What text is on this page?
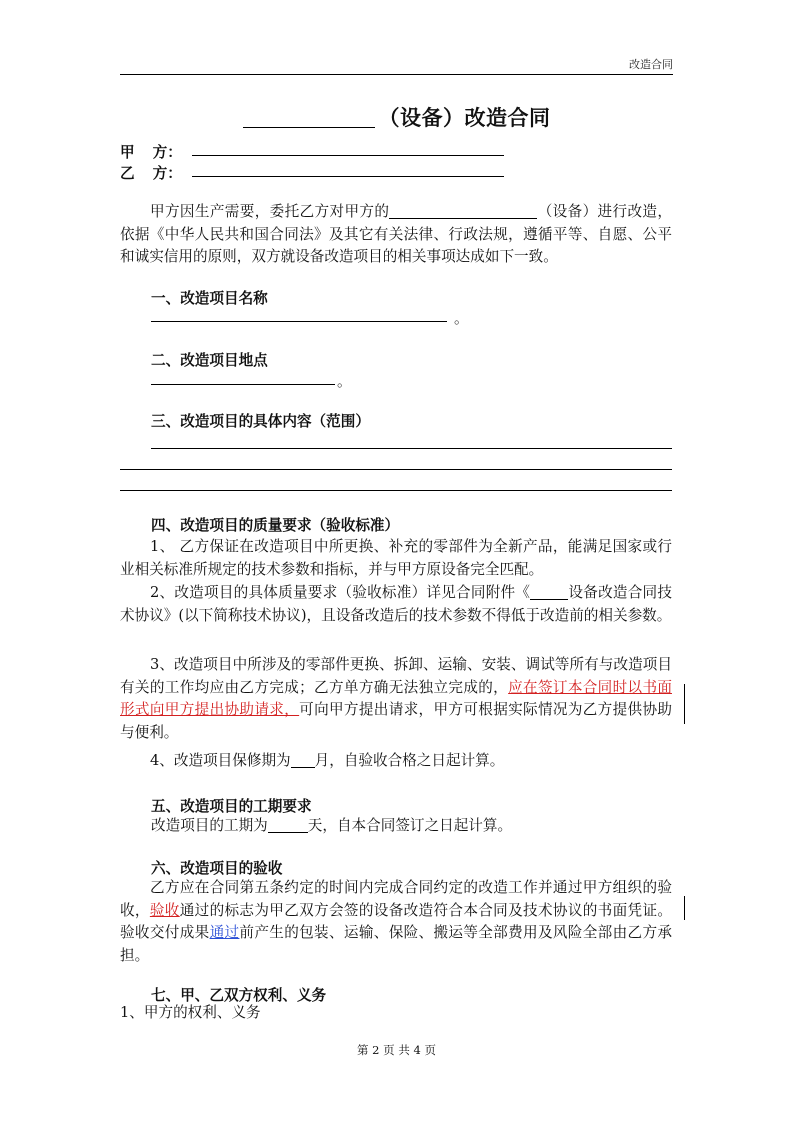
改造合同
（设备）改造合同
甲 方：
乙 方：
甲方因生产需要，委托乙方对甲方的	（设备）进行改造，依据《中华人民共和国合同法》及其它有关法律、行政法规，遵循平等、自愿、公平和诚实信用的原则，双方就设备改造项目的相关事项达成如下一致。
一、改造项目名称
。
二、改造项目地点
。
三、改造项目的具体内容（范围）
四、改造项目的质量要求（验收标准）
1、 乙方保证在改造项目中所更换、补充的零部件为全新产品，能满足国家或行业相关标准所规定的技术参数和指标，并与甲方原设备完全匹配。
2、改造项目的具体质量要求（验收标准）详见合同附件《	设备改造合同技术协议》(以下简称技术协议)，且设备改造后的技术参数不得低于改造前的相关参数。
3、改造项目中所涉及的零部件更换、拆卸、运输、安装、调试等所有与改造项目有关的工作均应由乙方完成；乙方单方确无法独立完成的，应在签订本合同时以书面形式向甲方提出协助请求，可向甲方提出请求，甲方可根据实际情况为乙方提供协助与便利。
4、改造项目保修期为 月，自验收合格之日起计算。
五、改造项目的工期要求
改造项目的工期为	天，自本合同签订之日起计算。
六、改造项目的验收
乙方应在合同第五条约定的时间内完成合同约定的改造工作并通过甲方组织的验收，验收通过的标志为甲乙双方会签的设备改造符合本合同及技术协议的书面凭证。验收交付成果通过前产生的包装、运输、保险、搬运等全部费用及风险全部由乙方承担。
七、甲、乙双方权利、义务
1、甲方的权利、义务
第 2 页 共 4 页
